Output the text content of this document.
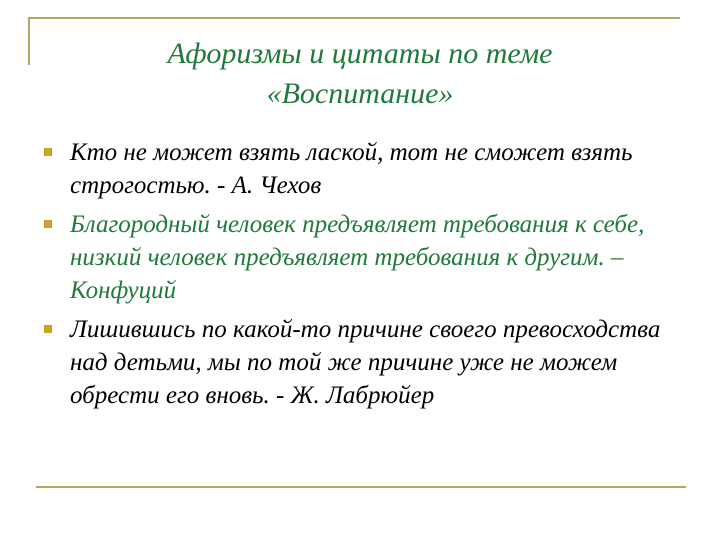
Афоризмы и цитаты по теме
«Воспитание»
Кто не может взять лаской, тот не сможет взять строгостью. - А. Чехов
Благородный человек предъявляет требования к себе, низкий человек предъявляет требования к другим. – Конфуций
Лишившись по какой-то причине своего превосходства над детьми, мы по той же причине уже не можем обрести его вновь. - Ж. Лабрюйер
